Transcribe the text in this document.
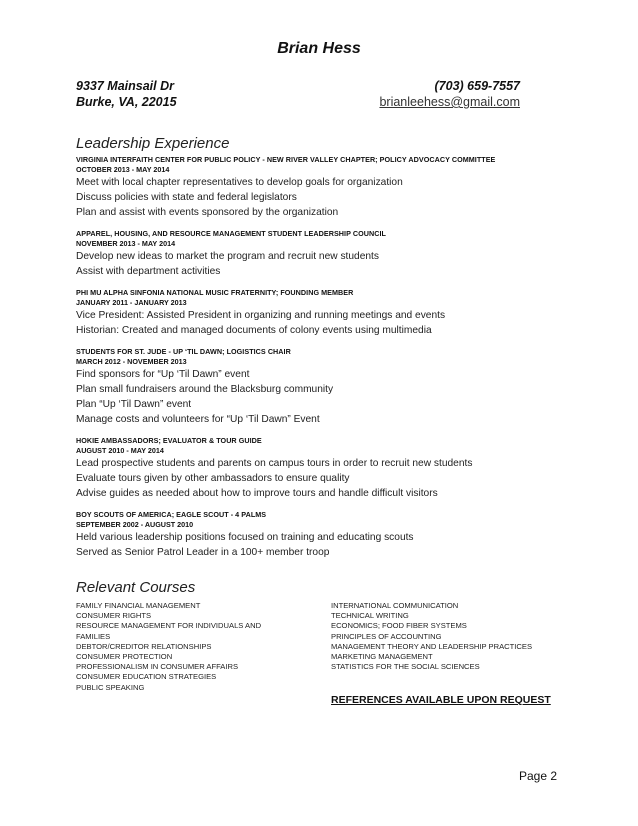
Brian Hess
9337 Mainsail Dr	(703) 659-7557
Burke, VA, 22015	brianleehess@gmail.com
Leadership Experience
VIRGINIA INTERFAITH CENTER FOR PUBLIC POLICY - NEW RIVER VALLEY CHAPTER; POLICY ADVOCACY COMMITTEE
OCTOBER 2013 - MAY 2014
Meet with local chapter representatives to develop goals for organization
Discuss policies with state and federal legislators
Plan and assist with events sponsored by the organization
APPAREL, HOUSING, AND RESOURCE MANAGEMENT STUDENT LEADERSHIP COUNCIL
NOVEMBER 2013 - MAY 2014
Develop new ideas to market the program and recruit new students
Assist with department activities
PHI MU ALPHA SINFONIA NATIONAL MUSIC FRATERNITY; FOUNDING MEMBER
JANUARY 2011 - JANUARY 2013
Vice President: Assisted President in organizing and running meetings and events
Historian: Created and managed documents of colony events using multimedia
STUDENTS FOR ST. JUDE - UP ‘TIL DAWN; LOGISTICS CHAIR
MARCH 2012 - NOVEMBER 2013
Find sponsors for “Up ‘Til Dawn” event
Plan small fundraisers around the Blacksburg community
Plan “Up ‘Til Dawn” event
Manage costs and volunteers for “Up ‘Til Dawn” Event
HOKIE AMBASSADORS; EVALUATOR & TOUR GUIDE
AUGUST 2010 - MAY 2014
Lead prospective students and parents on campus tours in order to recruit new students
Evaluate tours given by other ambassadors to ensure quality
Advise guides as needed about how to improve tours and handle difficult visitors
BOY SCOUTS OF AMERICA; EAGLE SCOUT - 4 PALMS
SEPTEMBER 2002 - AUGUST 2010
Held various leadership positions focused on training and educating scouts
Served as Senior Patrol Leader in a 100+ member troop
Relevant Courses
FAMILY FINANCIAL MANAGEMENT
CONSUMER RIGHTS
RESOURCE MANAGEMENT FOR INDIVIDUALS AND
FAMILIES
DEBTOR/CREDITOR RELATIONSHIPS
CONSUMER PROTECTION
PROFESSIONALISM IN CONSUMER AFFAIRS
CONSUMER EDUCATION STRATEGIES
PUBLIC SPEAKING
INTERNATIONAL COMMUNICATION
TECHNICAL WRITING
ECONOMICS; FOOD FIBER SYSTEMS
PRINCIPLES OF ACCOUNTING
MANAGEMENT THEORY AND LEADERSHIP PRACTICES
MARKETING MANAGEMENT
STATISTICS FOR THE SOCIAL SCIENCES
REFERENCES AVAILABLE UPON REQUEST
Page 2
